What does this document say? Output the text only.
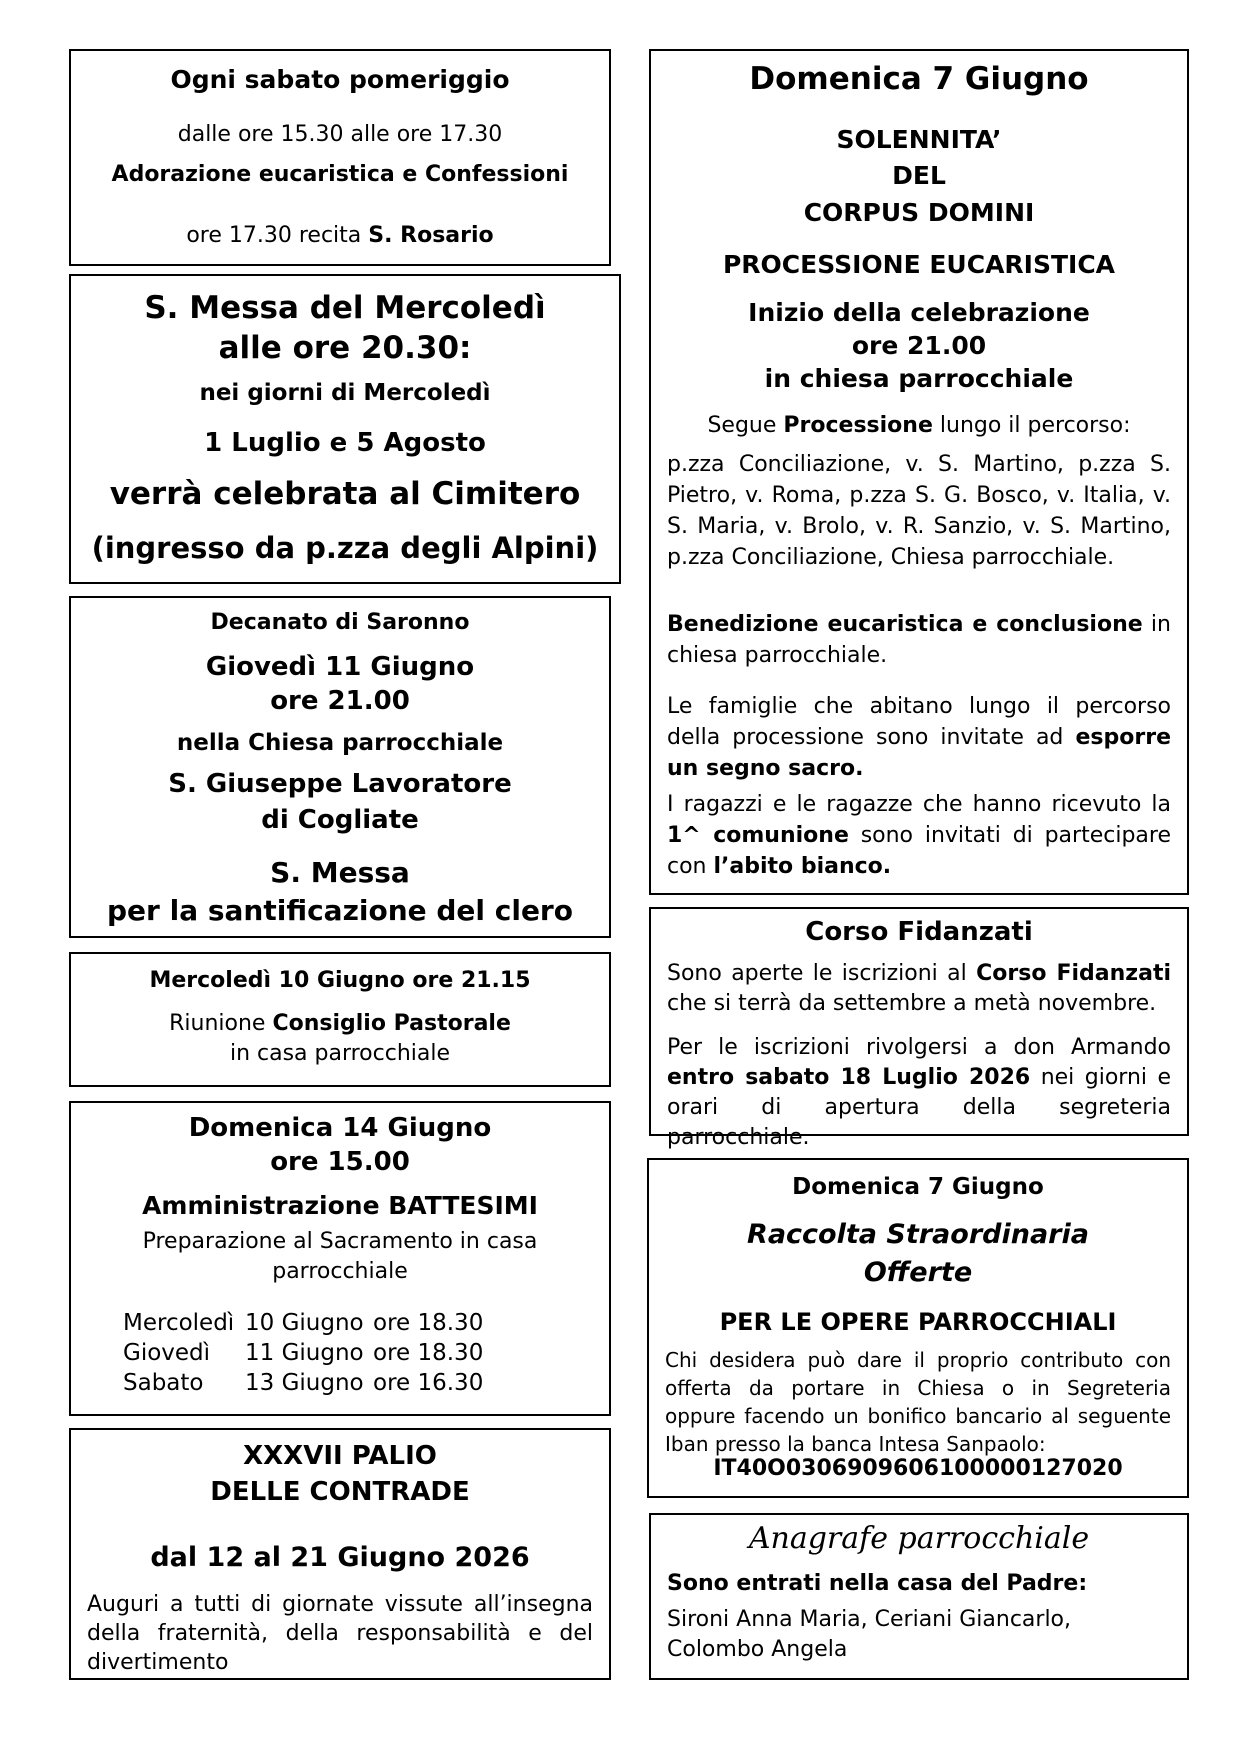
Ogni sabato pomeriggio
dalle ore 15.30 alle ore 17.30
Adorazione eucaristica e Confessioni
ore 17.30 recita S. Rosario
S. Messa del Mercoledì
alle ore 20.30:
nei giorni di Mercoledì
1 Luglio e 5 Agosto
verrà celebrata al Cimitero
(ingresso da p.zza degli Alpini)
Decanato di Saronno
Giovedì 11 Giugno
ore 21.00
nella Chiesa parrocchiale
S. Giuseppe Lavoratore
di Cogliate
S. Messa
per la santificazione del clero
Mercoledì 10 Giugno ore 21.15
Riunione Consiglio Pastorale
in casa parrocchiale
Domenica 14 Giugno
ore 15.00
Amministrazione BATTESIMI
Preparazione al Sacramento in casa
parrocchiale
Mercoledì 10 Giugno ore 18.30
Giovedì	11 Giugno ore 18.30
Sabato	13 Giugno ore 16.30
XXXVII PALIO
DELLE CONTRADE
dal 12 al 21 Giugno 2026
Auguri a tutti di giornate vissute all’insegna della fraternità, della responsabilità e del divertimento
Domenica 7 Giugno
SOLENNITA’
DEL
CORPUS DOMINI
PROCESSIONE EUCARISTICA
Inizio della celebrazione
ore 21.00
in chiesa parrocchiale
Segue Processione lungo il percorso:
p.zza Conciliazione, v. S. Martino, p.zza S. Pietro, v. Roma, p.zza S. G. Bosco, v. Italia, v. S. Maria, v. Brolo, v. R. Sanzio, v. S. Martino, p.zza Conciliazione, Chiesa parrocchiale.
Benedizione eucaristica e conclusione in chiesa parrocchiale.
Le famiglie che abitano lungo il percorso della processione sono invitate ad esporre un segno sacro.
I ragazzi e le ragazze che hanno ricevuto la 1^ comunione sono invitati di partecipare con l’abito bianco.
Corso Fidanzati
Sono aperte le iscrizioni al Corso Fidanzati che si terrà da settembre a metà novembre.
Per le iscrizioni rivolgersi a don Armando entro sabato 18 Luglio 2026 nei giorni e orari di apertura della segreteria parrocchiale.
Domenica 7 Giugno
Raccolta Straordinaria
Offerte
PER LE OPERE PARROCCHIALI
Chi desidera può dare il proprio contributo con offerta da portare in Chiesa o in Segreteria oppure facendo un bonifico bancario al seguente Iban presso la banca Intesa Sanpaolo:
IT40O0306909606100000127020
Anagrafe parrocchiale
Sono entrati nella casa del Padre:
Sironi Anna Maria, Ceriani Giancarlo, Colombo Angela
